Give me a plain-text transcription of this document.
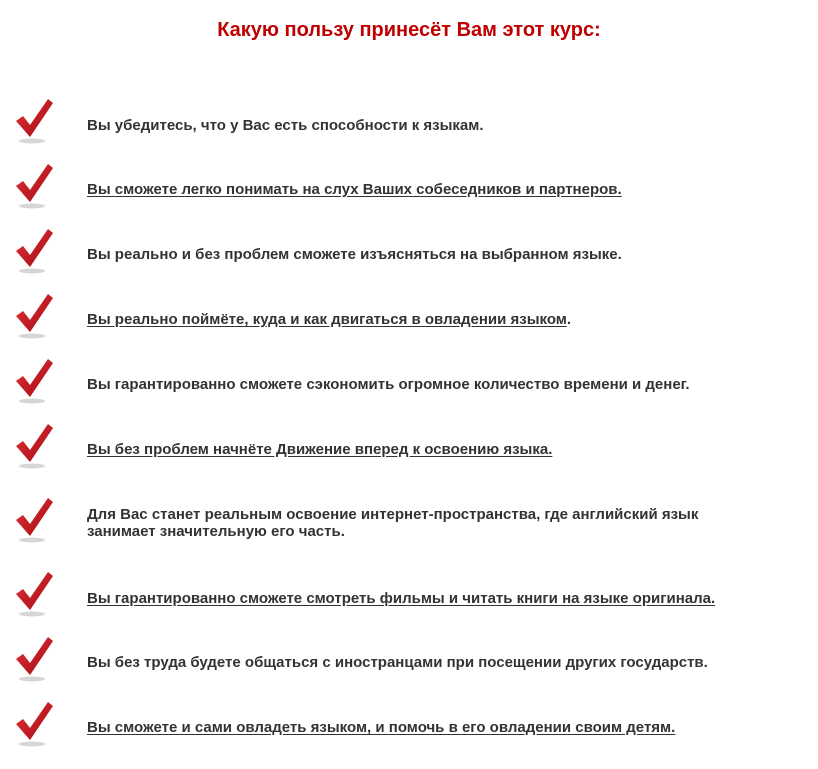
Какую пользу принесёт Вам этот курс:
Вы убедитесь, что у Вас есть способности к языкам.
Вы сможете легко понимать на слух Ваших собеседников и партнеров.
Вы реально и без проблем сможете изъясняться на выбранном языке.
Вы реально поймёте, куда и как двигаться в овладении языком.
Вы гарантированно сможете сэкономить огромное количество времени и денег.
Вы без проблем начнёте Движение вперед к освоению языка.
Для Вас станет реальным освоение интернет-пространства, где английский язык занимает значительную его часть.
Вы гарантированно сможете смотреть фильмы и читать книги на языке оригинала.
Вы без труда будете общаться с иностранцами при посещении других государств.
Вы сможете и сами овладеть языком, и помочь в его овладении своим детям.
